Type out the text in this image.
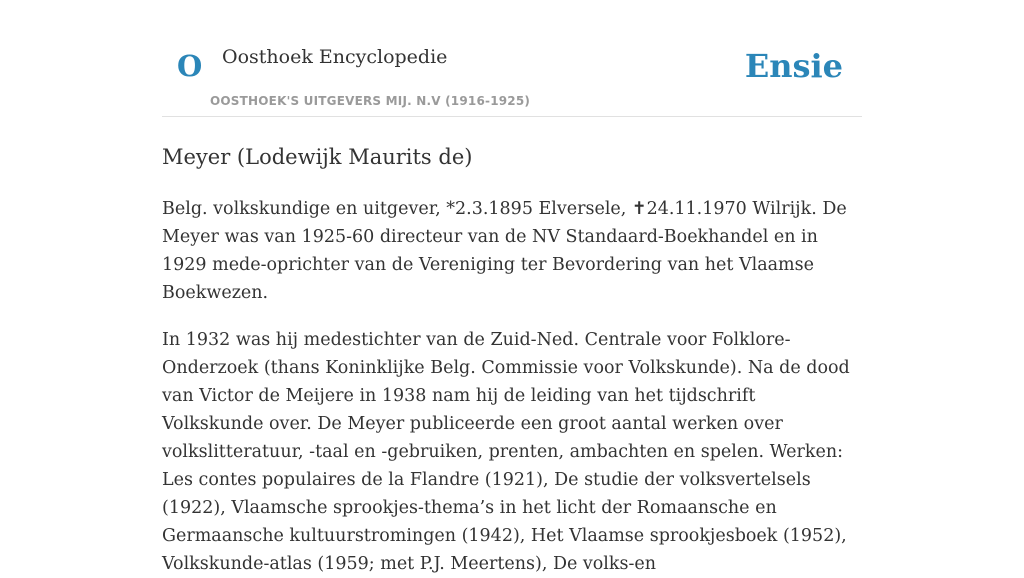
O Oosthoek Encyclopedie
OOSTHOEK'S UITGEVERS MIJ. N.V (1916-1925)
Ensie
Meyer (Lodewijk Maurits de)

Belg. volkskundige en uitgever, *2.3.1895 Elversele, ✝24.11.1970 Wilrijk. De Meyer was van 1925-60 directeur van de NV Standaard-Boekhandel en in 1929 mede-oprichter van de Vereniging ter Bevordering van het Vlaamse Boekwezen.

In 1932 was hij medestichter van de Zuid-Ned. Centrale voor Folklore-Onderzoek (thans Koninklijke Belg. Commissie voor Volkskunde). Na de dood van Victor de Meijere in 1938 nam hij de leiding van het tijdschrift Volkskunde over. De Meyer publiceerde een groot aantal werken over volkslitteratuur, -taal en -gebruiken, prenten, ambachten en spelen. Werken: Les contes populaires de la Flandre (1921), De studie der volksvertelsels (1922), Vlaamsche sprookjes-thema’s in het licht der Romaansche en Germaansche kultuurstromingen (1942), Het Vlaamse sprookjesboek (1952), Volkskunde-atlas (1959; met P.J. Meertens), De volks-en
